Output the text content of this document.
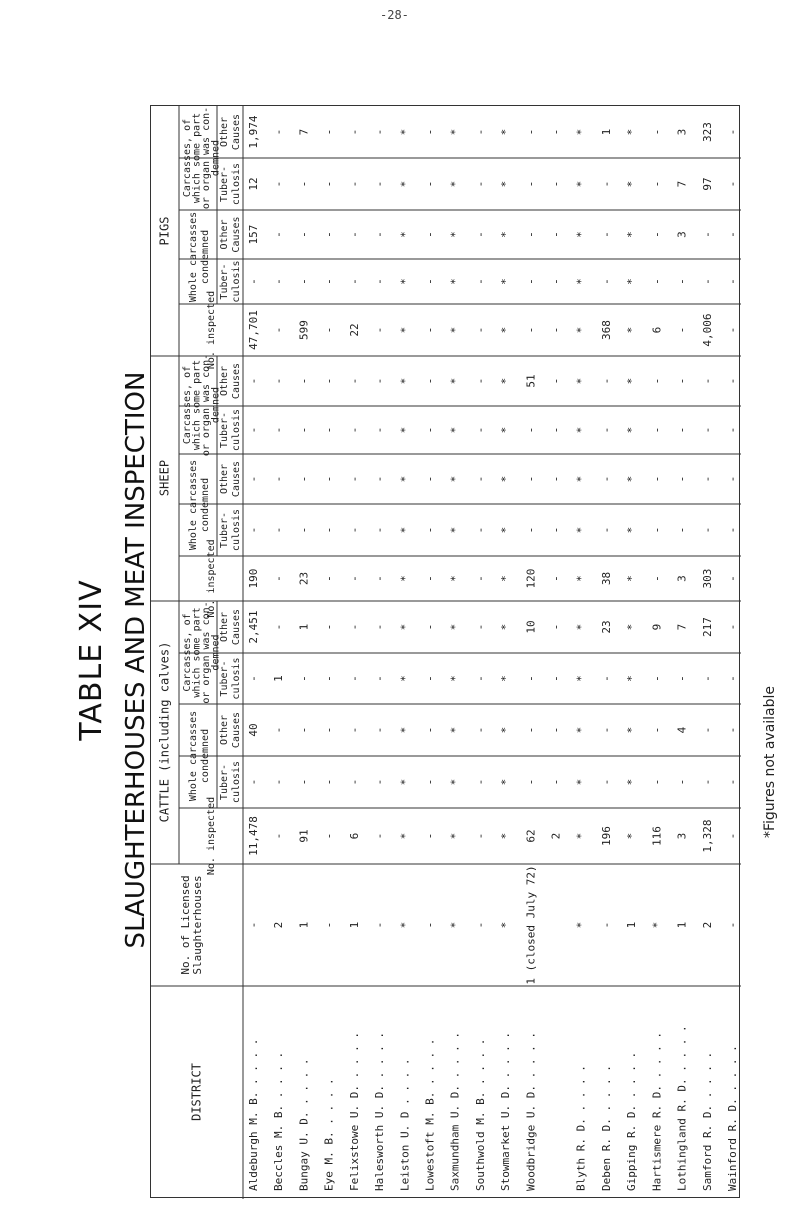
-28-
TABLE XIV SLAUGHTERHOUSES AND MEAT INSPECTION	*Figures not available
PIGS
SHEEP
CATTLE (including calves)
Carcasses, of
which some part
or organ was con-
demned
Whole carcasses condemned
Other Causes
Tuber- culosis
Other Causes
Tuber- culosis
No. inspected
Carcasses, of
which some part
or organ was con-
demned
Whole carcasses condemned
Other Causes
Tuber- culosis
Other Causes
Tuber- culosis
No. inspected
Carcasses, of
which some part
or organ was con-
demned
Whole carcasses condemned
Other Causes
Tuber- culosis
Other Causes
Tuber- culosis
No. inspected
No. of Licensed Slaughterhouses
DISTRICT
47,701
-
157
12
1,974
190
-
-
-
-
11,478
-
40
-
2,451
-
Aldeburgh M. B. . . . .
-
-
-
-
-
-
-
-
-
-
-
-
-
1
-
2
Beccles M. B. . . . .
599
-
-
-
7
23
-
-
-
-
91
-
-
-
1
1
Bungay U. D. . . . .
-
-
-
-
-
-
-
-
-
-
-
-
-
-
-
-
Eye M. B. . . . .
22
-
-
-
-
-
-
-
-
-
6
-
-
-
-
1
Felixstowe U. D. . . . .
-
-
-
-
-
-
-
-
-
-
-
-
-
-
-
-
Halesworth U. D. . . . .
*
*
*
*
*
*
*
*
*
*
*
*
*
*
*
*
Leiston U. D . . . .
-
-
-
-
-
-
-
-
-
-
-
-
-
-
-
-
Lowestoft M. B. . . . .
*
*
*
*
*
*
*
*
*
*
*
*
*
*
*
*
Saxmundham U. D. . . . .
-
-
-
-
-
-
-
-
-
-
-
-
-
-
-
-
Southwold M. B. . . . .
*
*
*
*
*
*
*
*
*
*
*
*
*
*
*
*
Stowmarket U. D. . . . .
-
-
-
-
-
120
-
-
-
51
62
-
-
-
10
1 (closed July 72)
Woodbridge U. D. . . . .
-
-
-
-
-
-
-
-
-
-
2
-
-
-
-
*
*
*
*
*
*
*
*
*
*
*
*
*
*
*
*
Blyth R. D. . . . .
368
-
-
-
1
38
-
-
-
-
196
-
-
-
23
-
Deben R. D. . . . .
*
*
*
*
*
*
*
*
*
*
*
*
*
*
*
1
Gipping R. D. . . . .
6
-
-
-
-
-
-
-
-
-
116
-
-
-
9
*
Hartismere R. D. . . . .
-
-
3
7
3
3
-
-
-
-
3
-
4
-
7
1
Lothingland R. D. . . . .
4,006
-
-
97
323
303
-
-
-
-
1,328
-
-
-
217
2
Samford R. D. . . . .
-
-
-
-
-
-
-
-
-
-
-
-
-
-
-
-
Wainford R. D. . . . .
